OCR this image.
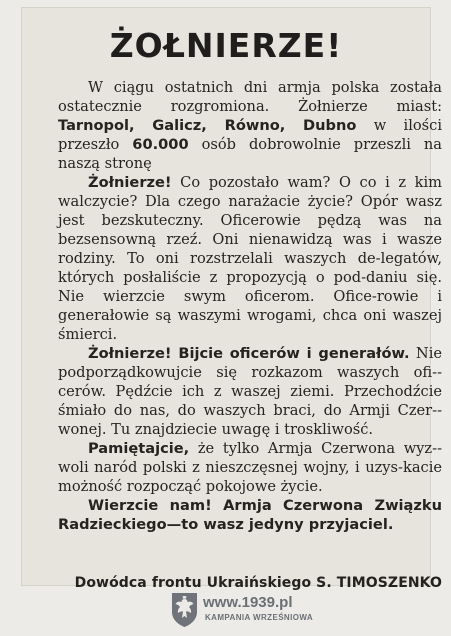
ŻOŁNIERZE!

W ciągu ostatnich dni armja polska została ostatecznie rozgromiona. Żołnierze miast: Tarnopol, Galicz, Równo, Dubno w ilości przeszło 60.000 osób dobrowolnie przeszli na naszą stronę

Żołnierze! Co pozostało wam? O co i z kim walczycie? Dla czego narażacie życie? Opór wasz jest bezskuteczny. Oficerowie pędzą was na bezsensowną rzeź. Oni nienawidzą was i wasze rodziny. To oni rozstrzelali waszych de-legatów, których posłaliście z propozycją o pod-daniu się. Nie wierzcie swym oficerom. Ofice-rowie i generałowie są waszymi wrogami, chca oni waszej śmierci.

Żołnierze! Bijcie oficerów i generałów. Nie podporządkowujcie się rozkazom waszych ofi-cerów. Pędźcie ich z waszej ziemi. Przechodźcie śmiało do nas, do waszych braci, do Armji Czer-wonej. Tu znajdziecie uwagę i troskliwość.

Pamiętajcie, że tylko Armja Czerwona wyz-woli naród polski z nieszczęsnej wojny, i uzys-kacie możność rozpocząć pokojowe życie.

Wierzcie nam! Armja Czerwona Związku Radzieckiego—to wasz jedyny przyjaciel.

Dowódca frontu Ukraińskiego S. TIMOSZENKO
www.1939.pl
KAMPANIA WRZEŚNIOWA
